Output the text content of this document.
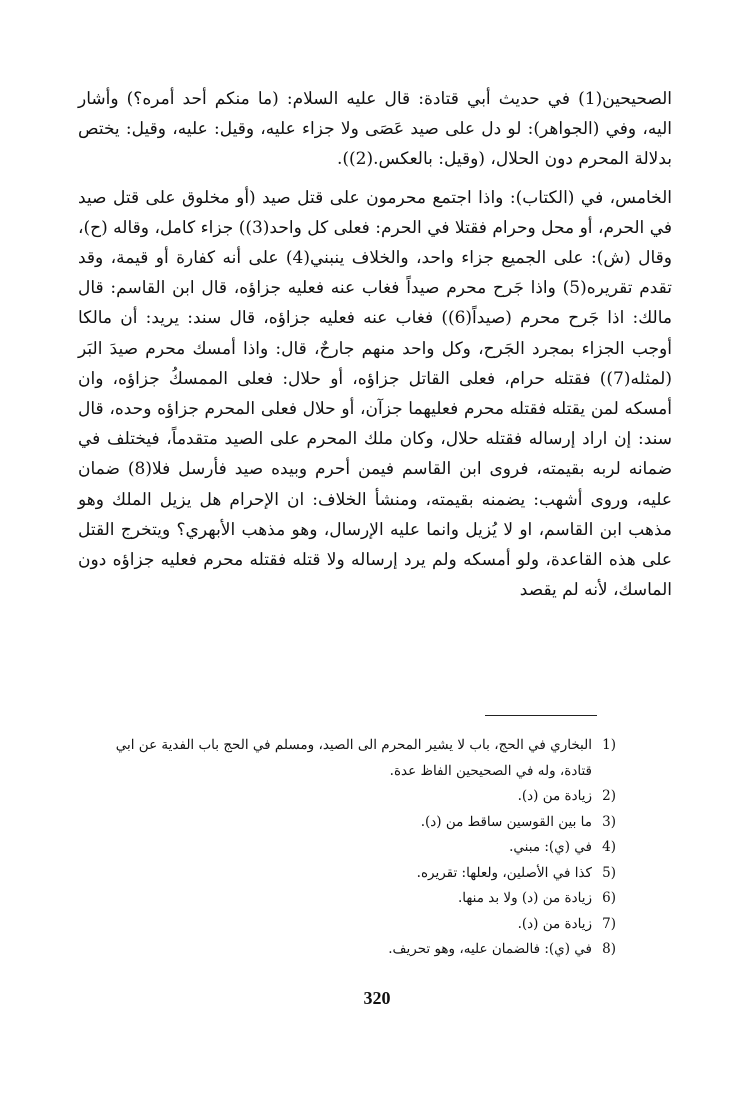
الصحيحين(1) في حديث أبي قتادة: قال عليه السلام: (ما منكم أحد أمره؟) وأشار اليه، وفي (الجواهر): لو دل على صيد عَصَى ولا جزاء عليه، وقيل: عليه، وقيل: يختص بدلالة المحرم دون الحلال، (وقيل: بالعكس.(2)).

الخامس، في (الكتاب): واذا اجتمع محرمون على قتل صيد (أو مخلوق على قتل صيد في الحرم، أو محل وحرام فقتلا في الحرم: فعلى كل واحد(3)) جزاء كامل، وقاله (ح)، وقال (ش): على الجميع جزاء واحد، والخلاف ينبني(4) على أنه كفارة أو قيمة، وقد تقدم تقريره(5) واذا جَرح محرم صيداً فغاب عنه فعليه جزاؤه، قال ابن القاسم: قال مالك: اذا جَرح محرم (صيداً(6)) فغاب عنه فعليه جزاؤه، قال سند: يريد: أن مالكا أوجب الجزاء بمجرد الجَرح، وكل واحد منهم جارحٌ، قال: واذا أمسك محرم صيدَ البَر (لمثله(7)) فقتله حرام، فعلى القاتل جزاؤه، أو حلال: فعلى الممسكُ جزاؤه، وان أمسكه لمن يقتله فقتله محرم فعليهما جزآن، أو حلال فعلى المحرم جزاؤه وحده، قال سند: إن اراد إرساله فقتله حلال، وكان ملك المحرم على الصيد متقدماً، فيختلف في ضمانه لربه بقيمته، فروى ابن القاسم فيمن أحرم وبيده صيد فأرسل فلا(8) ضمان عليه، وروى أشهب: يضمنه بقيمته، ومنشأ الخلاف: ان الإحرام هل يزيل الملك وهو مذهب ابن القاسم، او لا يُزيل وانما عليه الإرسال، وهو مذهب الأبهري؟ ويتخرج القتل على هذه القاعدة، ولو أمسكه ولم يرد إرساله ولا قتله فقتله محرم فعليه جزاؤه دون الماسك، لأنه لم يقصد

1)
البخاري في الحج، باب لا يشير المحرم الى الصيد، ومسلم في الحج باب الفدية عن ابي قتادة، وله في الصحيحين الفاظ عدة.
2)
زيادة من (د).
3)
ما بين القوسين ساقط من (د).
4)
في (ي): مبني.
5)
كذا في الأصلين، ولعلها: تقريره.
6)
زيادة من (د) ولا بد منها.
7)
زيادة من (د).
8)
في (ي): فالضمان عليه، وهو تحريف.
320
